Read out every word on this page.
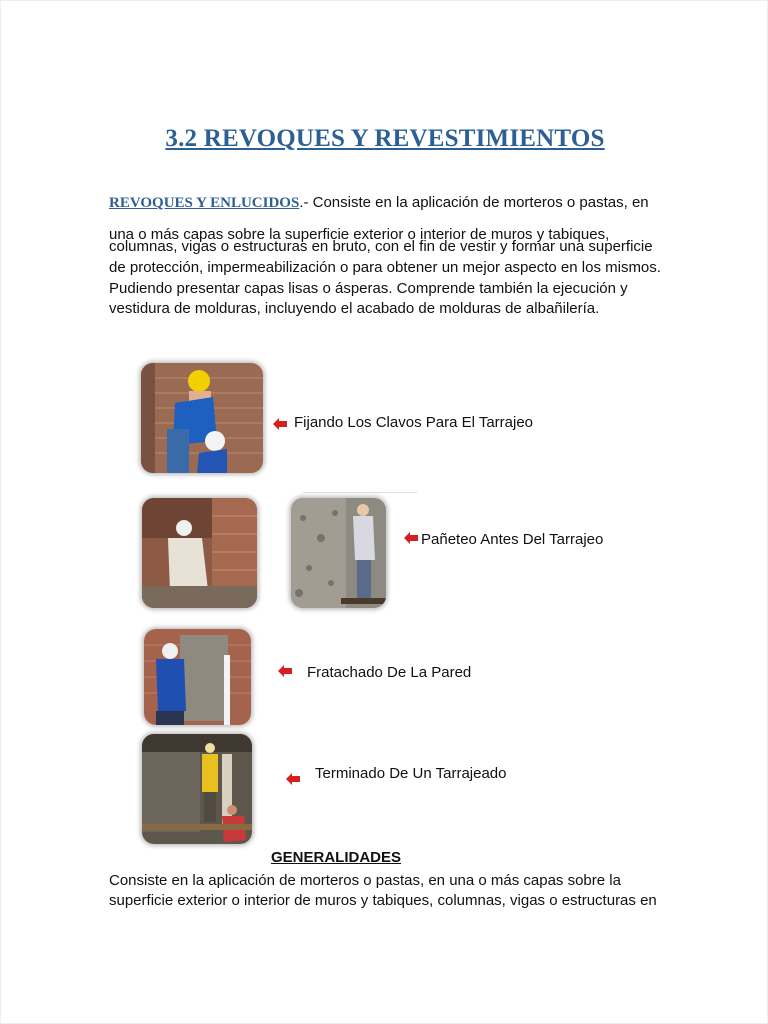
3.2 REVOQUES Y REVESTIMIENTOS
REVOQUES Y ENLUCIDOS.- Consiste en la aplicación de morteros o pastas, en
una o más capas sobre la superficie exterior o interior de muros y tabiques,
columnas, vigas o estructuras en bruto, con el fin de vestir y formar una superficie
de protección, impermeabilización o para obtener un mejor aspecto en los mismos.
Pudiendo presentar capas lisas o ásperas. Comprende también la ejecución y
vestidura de molduras, incluyendo el acabado de molduras de albañilería.
Fijando Los Clavos Para El Tarrajeo
Pañeteo Antes Del Tarrajeo
Fratachado De La Pared
Terminado De Un Tarrajeado
GENERALIDADES
Consiste en la aplicación de morteros o pastas, en una o más capas sobre la
superficie exterior o interior de muros y tabiques, columnas, vigas o estructuras en
